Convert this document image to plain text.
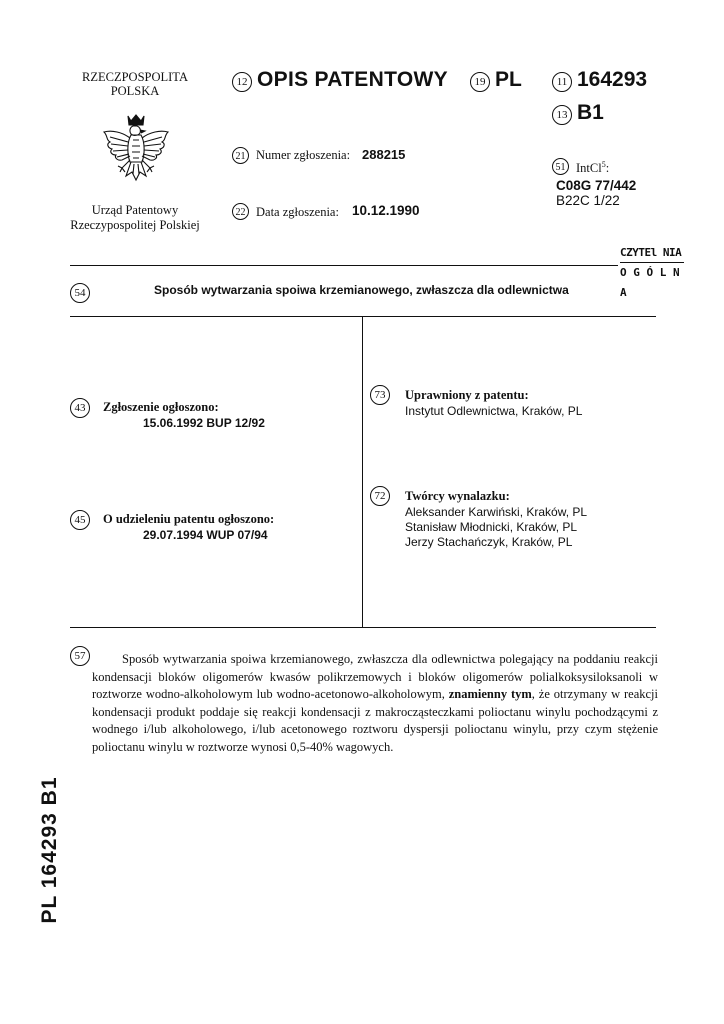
RZECZPOSPOLITA
POLSKA
Urząd Patentowy
Rzeczypospolitej Polskiej
12 OPIS PATENTOWY	19 PL	11 164293
13 B1
21 Numer zgłoszenia: 288215
22 Data zgłoszenia: 10.12.1990
51 IntCl$^5$:
C08G 77/442
B22C 1/22
CZYTEl NIA
O G Ó L N A
54	Sposób wytwarzania spoiwa krzemianowego, zwłaszcza dla odlewnictwa
43	Zgłoszenie ogłoszono:
15.06.1992 BUP 12/92
45	O udzieleniu patentu ogłoszono:
29.07.1994 WUP 07/94
73	Uprawniony z patentu:
Instytut Odlewnictwa, Kraków, PL
72	Twórcy wynalazku:
Aleksander Karwiński, Kraków, PL
Stanisław Młodnicki, Kraków, PL
Jerzy Stachańczyk, Kraków, PL
57	Sposób wytwarzania spoiwa krzemianowego, zwłaszcza dla odlewnictwa polegający na poddaniu reakcji kondensacji bloków oligomerów kwasów polikrzemowych i bloków oligomerów polialkoksysiloksanoli w roztworze wodno-alkoholowym lub wodno-acetonowo-alkoholowym, znamienny tym, że otrzymany w reakcji kondensacji produkt poddaje się reakcji kondensacji z makrocząsteczkami polioctanu winylu pochodzącymi z wodnego i/lub alkoholowego, i/lub acetonowego roztworu dyspersji polioctanu winylu, przy czym stężenie polioctanu winylu w roztworze wynosi 0,5-40% wagowych.
PL 164293 B1
